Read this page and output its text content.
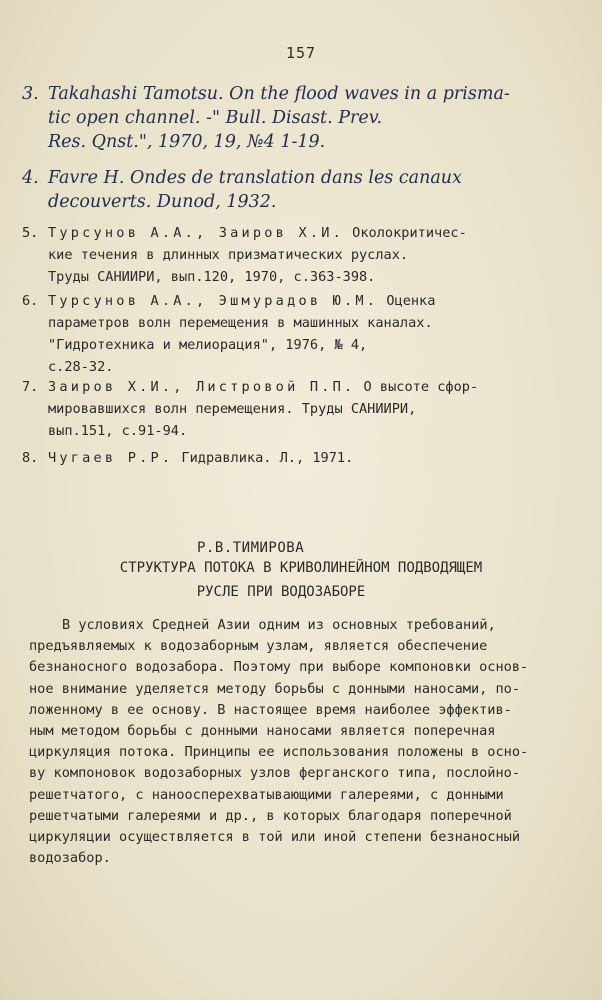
157
3. Takahashi Tamotsu. On the flood waves in a prisma-
tic open channel. -" Bull. Disast. Prev.
Res. Qnst.", 1970, 19, №4 1-19.
4. Favre H. Ondes de translation dans les canaux
decouverts. Dunod, 1932.
5. Турсунов А.А., Заиров Х.И. Околокритичес-
кие течения в длинных призматических руслах.
Труды САНИИРИ, вып.120, 1970, с.363-398.
6. Турсунов А.А., Эшмурадов Ю.М. Оценка
параметров волн перемещения в машинных каналах.
"Гидротехника и мелиорация", 1976, № 4,
с.28-32.
7. Заиров Х.И., Листровой П.П. О высоте сфор-
мировавшихся волн перемещения. Труды САНИИРИ,
вып.151, с.91-94.
8. Чугаев Р.Р. Гидравлика. Л., 1971.
Р.В.ТИМИРОВА
СТРУКТУРА ПОТОКА В КРИВОЛИНЕЙНОМ ПОДВОДЯЩЕМ
РУСЛЕ ПРИ ВОДОЗАБОРЕ
В условиях Средней Азии одним из основных требований,
предъявляемых к водозаборным узлам, является обеспечение
безнаносного водозабора. Поэтому при выборе компоновки основ-
ное внимание уделяется методу борьбы с донными наносами, по-
ложенному в ее основу. В настоящее время наиболее эффектив-
ным методом борьбы с донными наносами является поперечная
циркуляция потока. Принципы ее использования положены в осно-
ву компоновок водозаборных узлов ферганского типа, послойно-
решетчатого, с наноосперехватывающими галереями, с донными
решетчатыми галереями и др., в которых благодаря поперечной
циркуляции осуществляется в той или иной степени безнаносный
водозабор.
